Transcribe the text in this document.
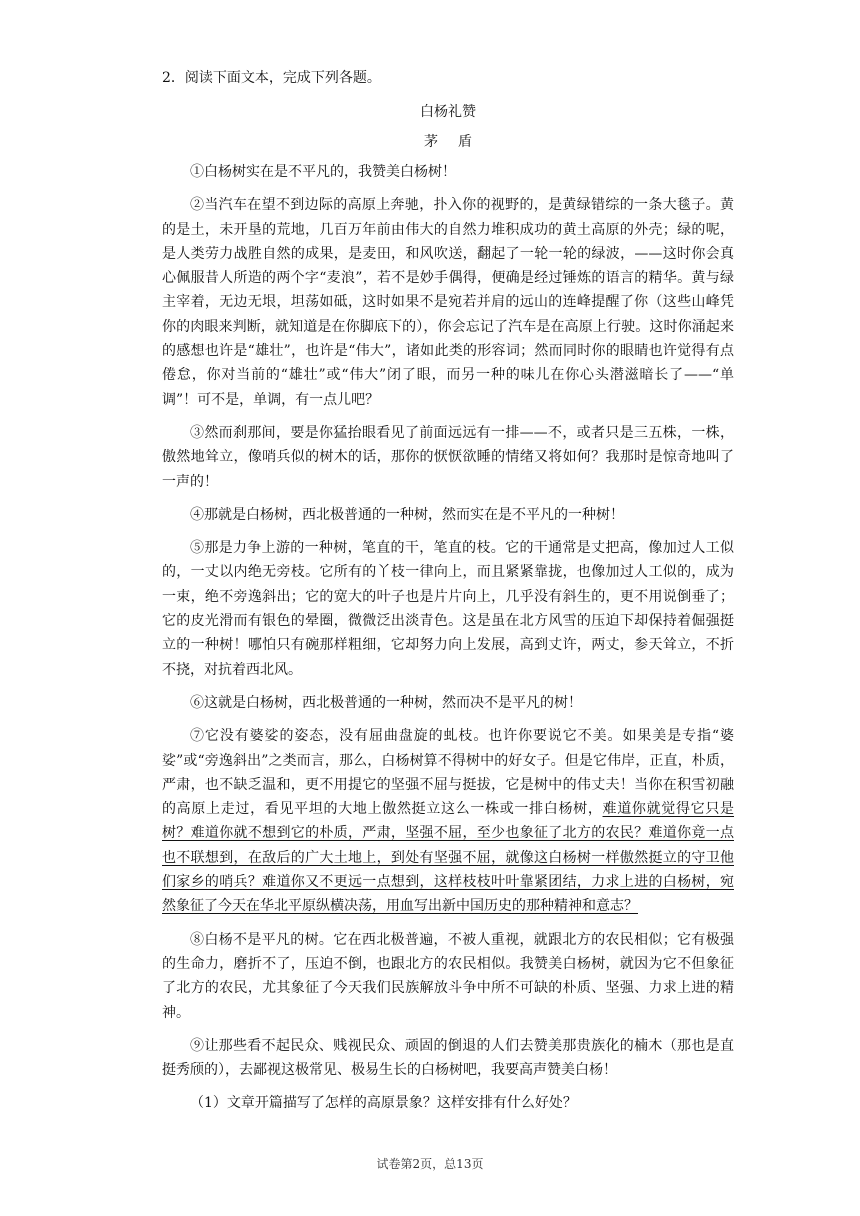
2．阅读下面文本，完成下列各题。
白杨礼赞
茅盾

①白杨树实在是不平凡的，我赞美白杨树！

②当汽车在望不到边际的高原上奔驰，扑入你的视野的，是黄绿错综的一条大毯子。黄的是土，未开垦的荒地，几百万年前由伟大的自然力堆积成功的黄土高原的外壳；绿的呢，是人类劳力战胜自然的成果，是麦田，和风吹送，翻起了一轮一轮的绿波，——这时你会真心佩服昔人所造的两个字“麦浪”，若不是妙手偶得，便确是经过锤炼的语言的精华。黄与绿主宰着，无边无垠，坦荡如砥，这时如果不是宛若并肩的远山的连峰提醒了你（这些山峰凭你的肉眼来判断，就知道是在你脚底下的），你会忘记了汽车是在高原上行驶。这时你涌起来的感想也许是“雄壮”，也许是“伟大”，诸如此类的形容词；然而同时你的眼睛也许觉得有点倦怠，你对当前的“雄壮”或“伟大”闭了眼，而另一种的味儿在你心头潜滋暗长了——“单调”！可不是，单调，有一点儿吧？

③然而刹那间，要是你猛抬眼看见了前面远远有一排——不，或者只是三五株，一株，傲然地耸立，像哨兵似的树木的话，那你的恹恹欲睡的情绪又将如何？我那时是惊奇地叫了一声的！

④那就是白杨树，西北极普通的一种树，然而实在是不平凡的一种树！

⑤那是力争上游的一种树，笔直的干，笔直的枝。它的干通常是丈把高，像加过人工似的，一丈以内绝无旁枝。它所有的丫枝一律向上，而且紧紧靠拢，也像加过人工似的，成为一束，绝不旁逸斜出；它的宽大的叶子也是片片向上，几乎没有斜生的，更不用说倒垂了；它的皮光滑而有银色的晕圈，微微泛出淡青色。这是虽在北方风雪的压迫下却保持着倔强挺立的一种树！哪怕只有碗那样粗细，它却努力向上发展，高到丈许，两丈，参天耸立，不折不挠，对抗着西北风。

⑥这就是白杨树，西北极普通的一种树，然而决不是平凡的树！

⑦它没有婆娑的姿态，没有屈曲盘旋的虬枝。也许你要说它不美。如果美是专指“婆娑”或“旁逸斜出”之类而言，那么，白杨树算不得树中的好女子。但是它伟岸，正直，朴质，严肃，也不缺乏温和，更不用提它的坚强不屈与挺拔，它是树中的伟丈夫！当你在积雪初融的高原上走过，看见平坦的大地上傲然挺立这么一株或一排白杨树，难道你就觉得它只是树？难道你就不想到它的朴质，严肃，坚强不屈，至少也象征了北方的农民？难道你竟一点也不联想到，在敌后的广大土地上，到处有坚强不屈，就像这白杨树一样傲然挺立的守卫他们家乡的哨兵？难道你又不更远一点想到，这样枝枝叶叶靠紧团结，力求上进的白杨树，宛然象征了今天在华北平原纵横决荡，用血写出新中国历史的那种精神和意志？

⑧白杨不是平凡的树。它在西北极普遍，不被人重视，就跟北方的农民相似；它有极强的生命力，磨折不了，压迫不倒，也跟北方的农民相似。我赞美白杨树，就因为它不但象征了北方的农民，尤其象征了今天我们民族解放斗争中所不可缺的朴质、坚强、力求上进的精神。

⑨让那些看不起民众、贱视民众、顽固的倒退的人们去赞美那贵族化的楠木（那也是直挺秀颀的），去鄙视这极常见、极易生长的白杨树吧，我要高声赞美白杨！

（1）文章开篇描写了怎样的高原景象？这样安排有什么好处？

试卷第2页，总13页
